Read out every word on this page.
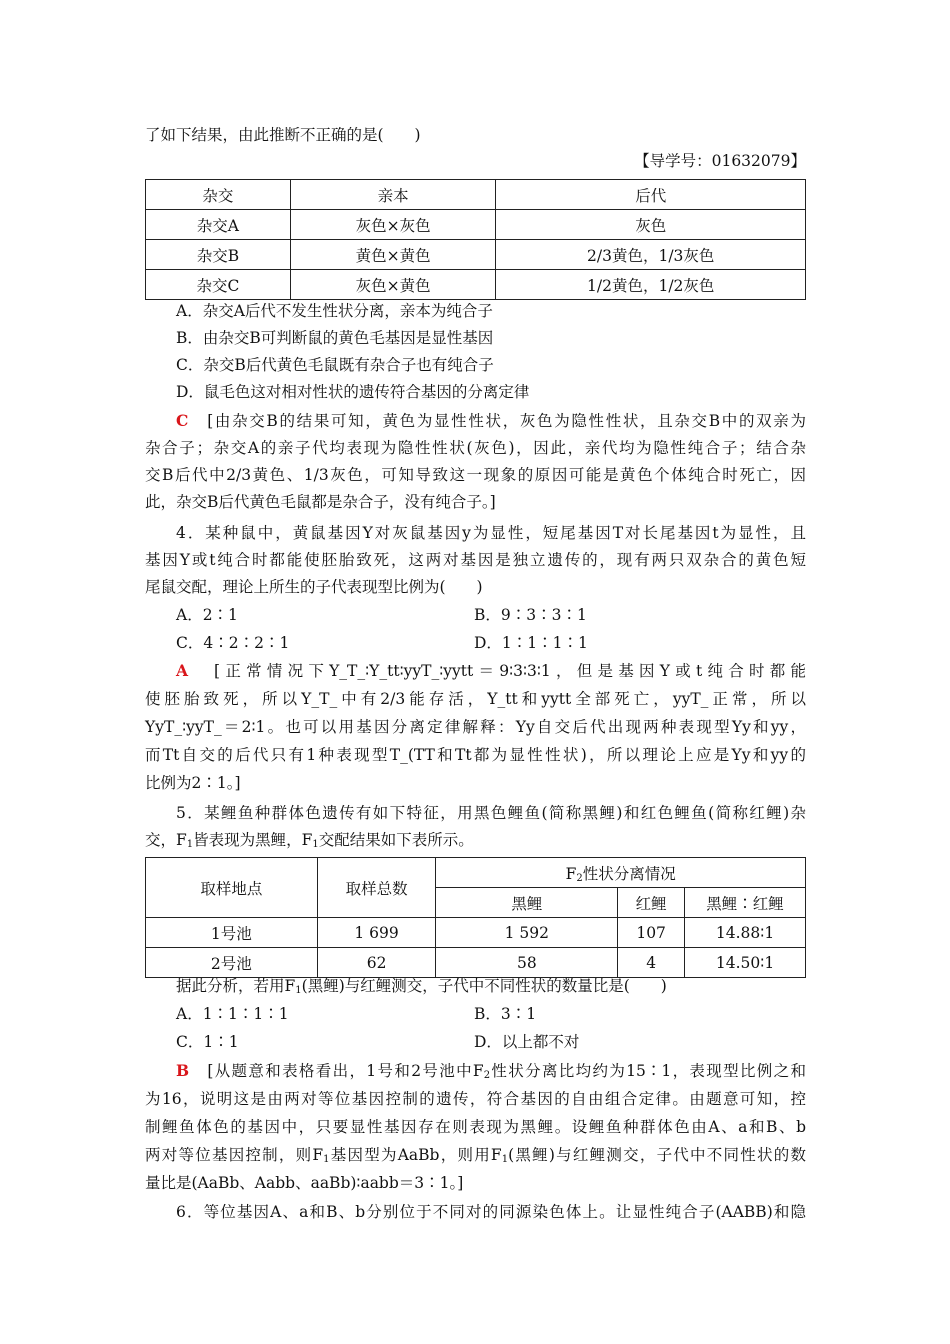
了如下结果，由此推断不正确的是(　　)
【导学号：01632079】
杂交	亲本	后代
杂交A	灰色×灰色	灰色
杂交B	黄色×黄色	2/3黄色，1/3灰色
杂交C	灰色×黄色	1/2黄色，1/2灰色
A．杂交A后代不发生性状分离，亲本为纯合子
B．由杂交B可判断鼠的黄色毛基因是显性基因
C．杂交B后代黄色毛鼠既有杂合子也有纯合子
D．鼠毛色这对相对性状的遗传符合基因的分离定律
C　 [由杂交B的结果可知，黄色为显性性状，灰色为隐性性状，且杂交B中的双亲为
杂合子；杂交A的亲子代均表现为隐性性状(灰色)，因此，亲代均为隐性纯合子；结合杂
交B后代中2/3黄色、1/3灰色，可知导致这一现象的原因可能是黄色个体纯合时死亡，因
此，杂交B后代黄色毛鼠都是杂合子，没有纯合子。]
4．某种鼠中，黄鼠基因Y对灰鼠基因y为显性，短尾基因T对长尾基因t为显性，且
基因Y或t纯合时都能使胚胎致死，这两对基因是独立遗传的，现有两只双杂合的黄色短
尾鼠交配，理论上所生的子代表现型比例为(　　)
A．2∶1	B．9∶3∶3∶1
C．4∶2∶2∶1	D．1∶1∶1∶1
A　 [正常情况下Y_T_∶Y_tt∶yyT_∶yytt＝9∶3∶3∶1，但是基因Y或t纯合时都能
使胚胎致死，所以Y_T_中有2/3能存活，Y_tt和yytt全部死亡，yyT_正常，所以
YyT_∶yyT_＝2∶1。也可以用基因分离定律解释：Yy自交后代出现两种表现型Yy和yy，
而Tt自交的后代只有1种表现型T_(TT和Tt都为显性性状)，所以理论上应是Yy和yy的
比例为2∶1。]
5．某鲤鱼种群体色遗传有如下特征，用黑色鲤鱼(简称黑鲤)和红色鲤鱼(简称红鲤)杂
交，$F_1$皆表现为黑鲤，$F_1$交配结果如下表所示。
取样地点	取样总数	$F_2$性状分离情况		
		黑鲤	红鲤	黑鲤∶红鲤
1号池	1 699	1 592	107	14.88∶1
2号池	62	58	4	14.50∶1
据此分析，若用$F_1$(黑鲤)与红鲤测交，子代中不同性状的数量比是(　　)
A．1∶1∶1∶1	B．3∶1
C．1∶1	D．以上都不对
B　 [从题意和表格看出，1号和2号池中$F_2$性状分离比均约为15∶1，表现型比例之和
为16，说明这是由两对等位基因控制的遗传，符合基因的自由组合定律。由题意可知，控
制鲤鱼体色的基因中，只要显性基因存在则表现为黑鲤。设鲤鱼种群体色由A、a和B、b
两对等位基因控制，则$F_1$基因型为AaBb，则用$F_1$(黑鲤)与红鲤测交，子代中不同性状的数
量比是(AaBb、Aabb、aaBb)∶aabb＝3∶1。]
6．等位基因A、a和B、b分别位于不同对的同源染色体上。让显性纯合子(AABB)和隐
